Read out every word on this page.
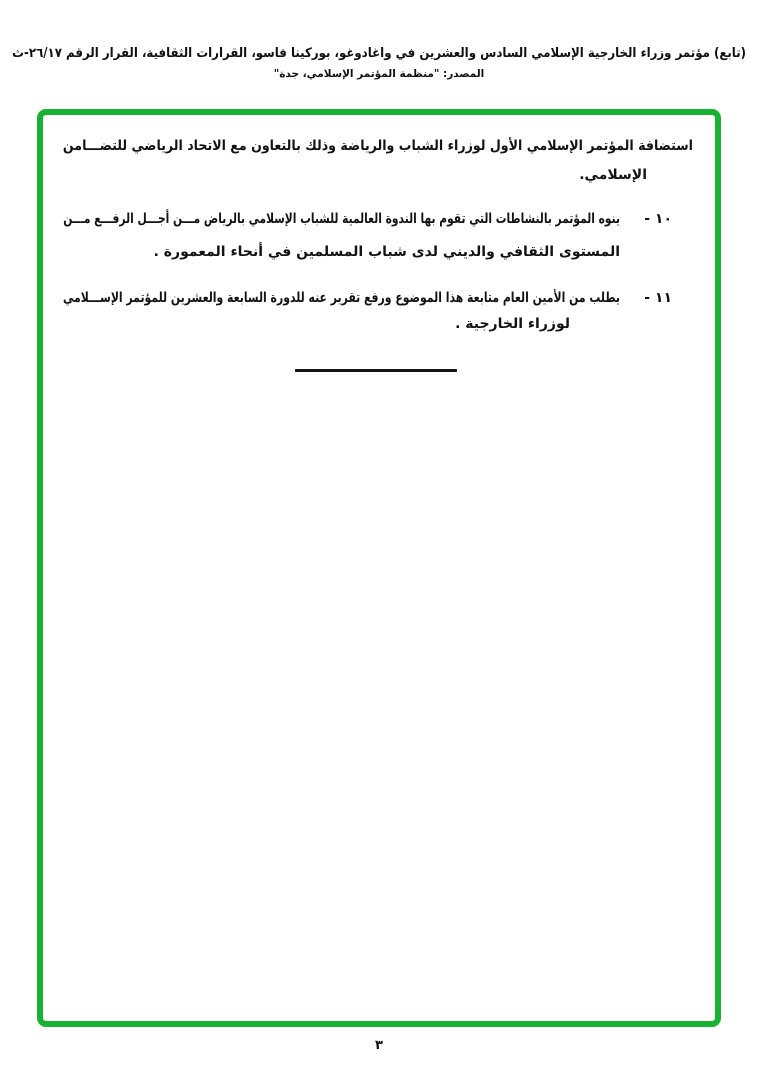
(تابع) مؤتمر وزراء الخارجية الإسلامي السادس والعشرين في واغادوغو، بوركينا فاسو، القرارات الثقافية، القرار الرقم ٢٦/١٧-ث
المصدر: "منظمة المؤتمر الإسلامي، جدة"
استضافة المؤتمر الإسلامي الأول لوزراء الشباب والرياضة وذلك بالتعاون مع الاتحاد الرياضي للتضـــامن
الإسلامي.
١٠ -
ينوه المؤتمر بالنشاطات التي تقوم بها الندوة العالمية للشباب الإسلامي بالرياض مـــن أجـــل الرفـــع مـــن
المستوى الثقافي والديني لدى شباب المسلمين في أنحاء المعمورة .
١١ -
يطلب من الأمين العام متابعة هذا الموضوع ورفع تقرير عنه للدورة السابعة والعشرين للمؤتمر الإســـلامي
لوزراء الخارجية .
٣
